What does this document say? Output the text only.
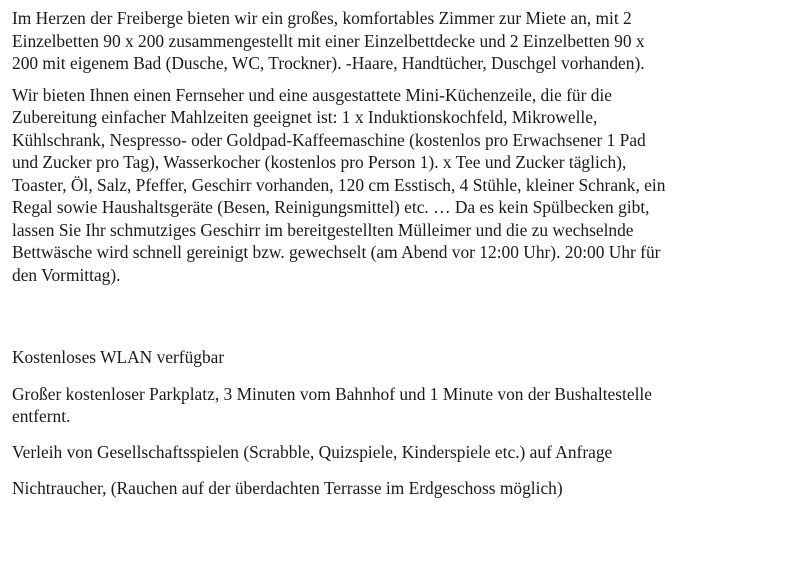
Im Herzen der Freiberge bieten wir ein großes, komfortables Zimmer zur Miete an, mit 2
Einzelbetten 90 x 200 zusammengestellt mit einer Einzelbettdecke und 2 Einzelbetten 90 x
200 mit eigenem Bad (Dusche, WC, Trockner). -Haare, Handtücher, Duschgel vorhanden).

Wir bieten Ihnen einen Fernseher und eine ausgestattete Mini-Küchenzeile, die für die
Zubereitung einfacher Mahlzeiten geeignet ist: 1 x Induktionskochfeld, Mikrowelle,
Kühlschrank, Nespresso- oder Goldpad-Kaffeemaschine (kostenlos pro Erwachsener 1 Pad
und Zucker pro Tag), Wasserkocher (kostenlos pro Person 1). x Tee und Zucker täglich),
Toaster, Öl, Salz, Pfeffer, Geschirr vorhanden, 120 cm Esstisch, 4 Stühle, kleiner Schrank, ein
Regal sowie Haushaltsgeräte (Besen, Reinigungsmittel) etc. … Da es kein Spülbecken gibt,
lassen Sie Ihr schmutziges Geschirr im bereitgestellten Mülleimer und die zu wechselnde
Bettwäsche wird schnell gereinigt bzw. gewechselt (am Abend vor 12:00 Uhr). 20:00 Uhr für
den Vormittag).

Kostenloses WLAN verfügbar

Großer kostenloser Parkplatz, 3 Minuten vom Bahnhof und 1 Minute von der Bushaltestelle
entfernt.

Verleih von Gesellschaftsspielen (Scrabble, Quizspiele, Kinderspiele etc.) auf Anfrage

Nichtraucher, (Rauchen auf der überdachten Terrasse im Erdgeschoss möglich)
